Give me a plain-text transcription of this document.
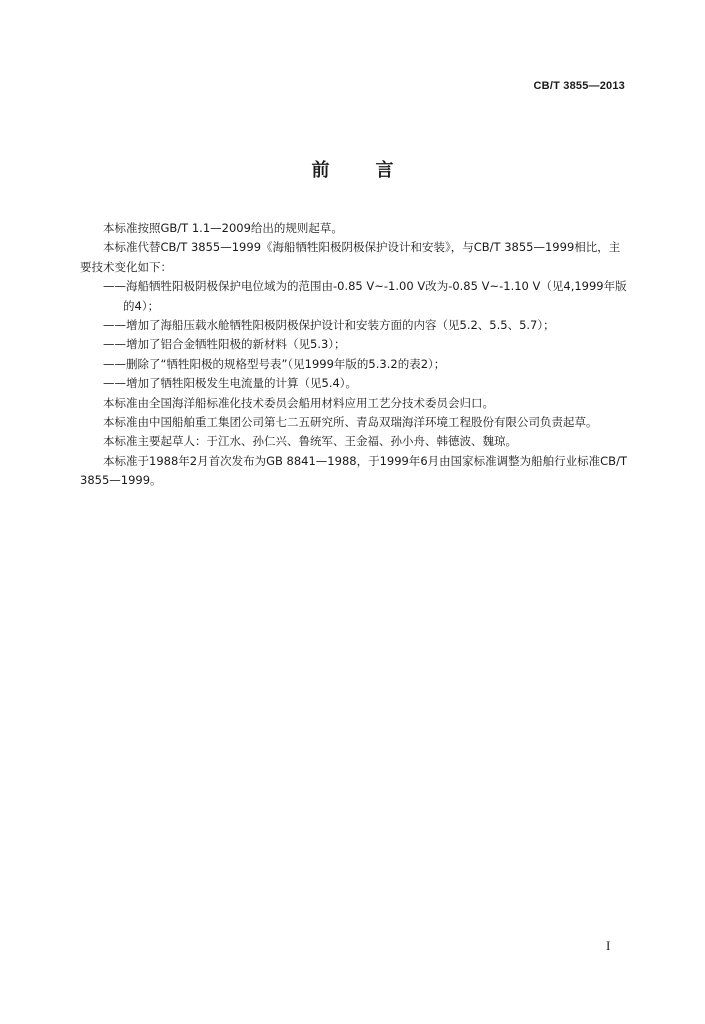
CB/T 3855—2013
前	言

本标准按照GB/T 1.1—2009给出的规则起草。

本标准代替CB/T 3855—1999《海船牺牲阳极阴极保护设计和安装》，与CB/T 3855—1999相比，主要技术变化如下：

——海船牺牲阳极阴极保护电位域为的范围由-0.85 V~-1.00 V改为-0.85 V~-1.10 V（见4,1999年版的4）；

——增加了海船压载水舱牺牲阳极阴极保护设计和安装方面的内容（见5.2、5.5、5.7）；

——增加了铝合金牺牲阳极的新材料（见5.3）；

——删除了“牺牲阳极的规格型号表”（见1999年版的5.3.2的表2）；

——增加了牺牲阳极发生电流量的计算（见5.4）。

本标准由全国海洋船标准化技术委员会船用材料应用工艺分技术委员会归口。

本标准由中国船舶重工集团公司第七二五研究所、青岛双瑞海洋环境工程股份有限公司负责起草。

本标准主要起草人：于江水、孙仁兴、鲁统军、王金福、孙小舟、韩德波、魏琼。

本标准于1988年2月首次发布为GB 8841—1988，于1999年6月由国家标准调整为船舶行业标准CB/T 3855—1999。

I
